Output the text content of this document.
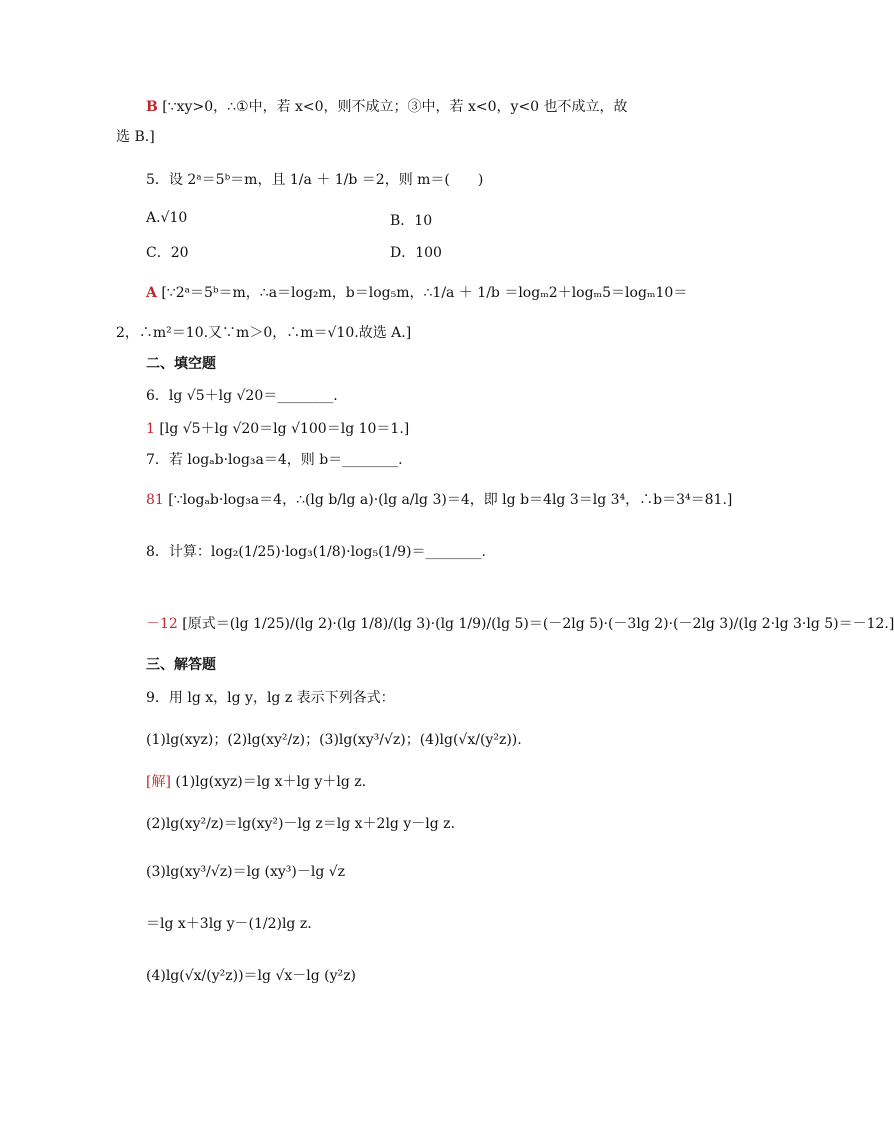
B [∵xy>0，∴①中，若 x<0，则不成立；③中，若 x<0，y<0 也不成立，故
选 B.]
5．设 2ᵃ＝5ᵇ＝m，且 1/a ＋ 1/b ＝2，则 m＝(　　)
A.√10	B．10
C．20	D．100
A [∵2ᵃ＝5ᵇ＝m，∴a＝log₂m，b＝log₅m，∴1/a ＋ 1/b ＝logₘ2＋logₘ5＝logₘ10＝
2，∴m²＝10.又∵m＞0，∴m＝√10.故选 A.]
二、填空题
6．lg √5＋lg √20＝________.
1 [lg √5＋lg √20＝lg √100＝lg 10＝1.]
7．若 logₐb·log₃a＝4，则 b＝________.
81 [∵logₐb·log₃a＝4，∴(lg b/lg a)·(lg a/lg 3)＝4，即 lg b＝4lg 3＝lg 3⁴，∴b＝3⁴＝81.]
8．计算：log₂(1/25)·log₃(1/8)·log₅(1/9)＝________.
－12 [原式＝(lg 1/25)/(lg 2)·(lg 1/8)/(lg 3)·(lg 1/9)/(lg 5)＝(－2lg 5)·(－3lg 2)·(－2lg 3)/(lg 2·lg 3·lg 5)＝－12.]
三、解答题
9．用 lg x，lg y，lg z 表示下列各式：
(1)lg(xyz)；(2)lg(xy²/z)；(3)lg(xy³/√z)；(4)lg(√x/(y²z)).
[解] (1)lg(xyz)＝lg x＋lg y＋lg z.
(2)lg(xy²/z)＝lg(xy²)－lg z＝lg x＋2lg y－lg z.
(3)lg(xy³/√z)＝lg (xy³)－lg √z
＝lg x＋3lg y－(1/2)lg z.
(4)lg(√x/(y²z))＝lg √x－lg (y²z)
